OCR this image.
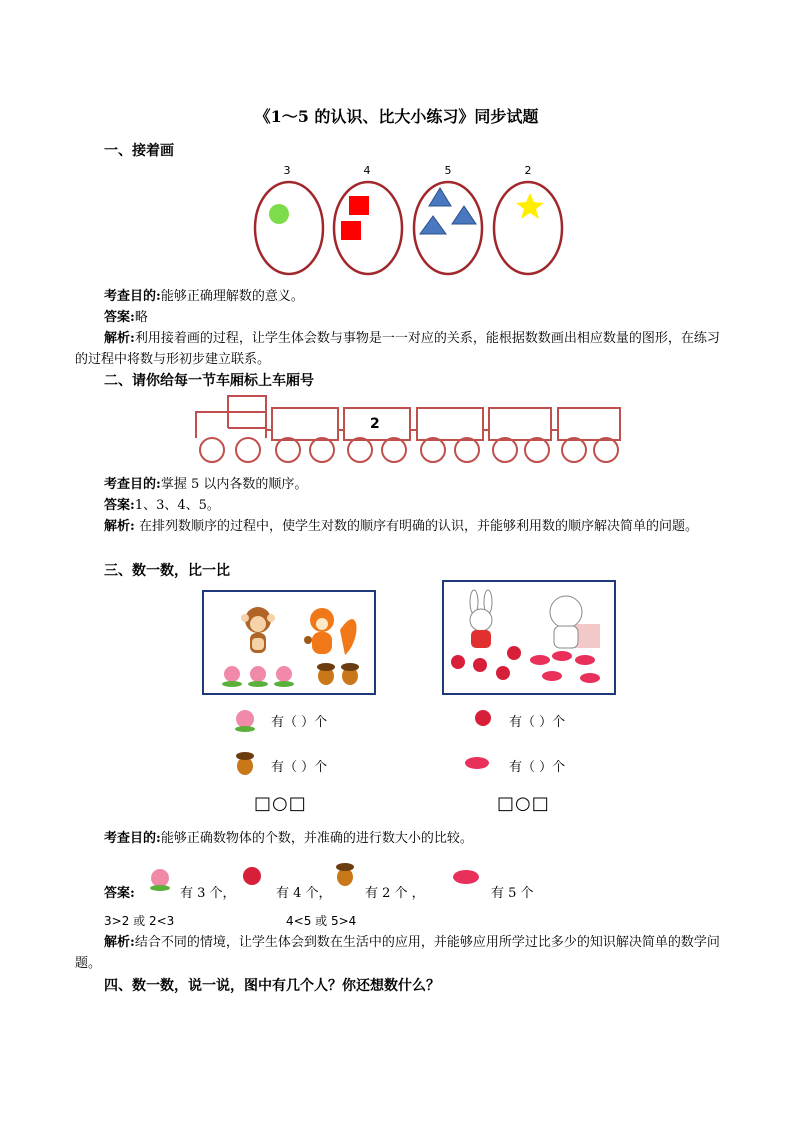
《1～5 的认识、比大小练习》同步试题
一、接着画
3	4	5	2
考查目的:能够正确理解数的意义。
答案:略
解析:利用接着画的过程，让学生体会数与事物是一一对应的关系，能根据数数画出相应数量的图形，在练习的过程中将数与形初步建立联系。
二、请你给每一节车厢标上车厢号
2
考查目的:掌握 5 以内各数的顺序。
答案:1、3、4、5。
解析: 在排列数顺序的过程中，使学生对数的顺序有明确的认识，并能够利用数的顺序解决简单的问题。
三、数一数，比一比
有（ ）个
有（ ）个
有（ ）个
有（ ）个
□○□	□○□
考查目的:能够正确数物体的个数，并准确的进行数大小的比较。
答案:	有 3 个，	有 4 个，	有 2 个 ，	有 5 个
3>2 或 2<3	4<5 或 5>4
解析:结合不同的情境，让学生体会到数在生活中的应用，并能够应用所学过比多少的知识解决简单的数学问题。
四、数一数，说一说，图中有几个人？你还想数什么？
